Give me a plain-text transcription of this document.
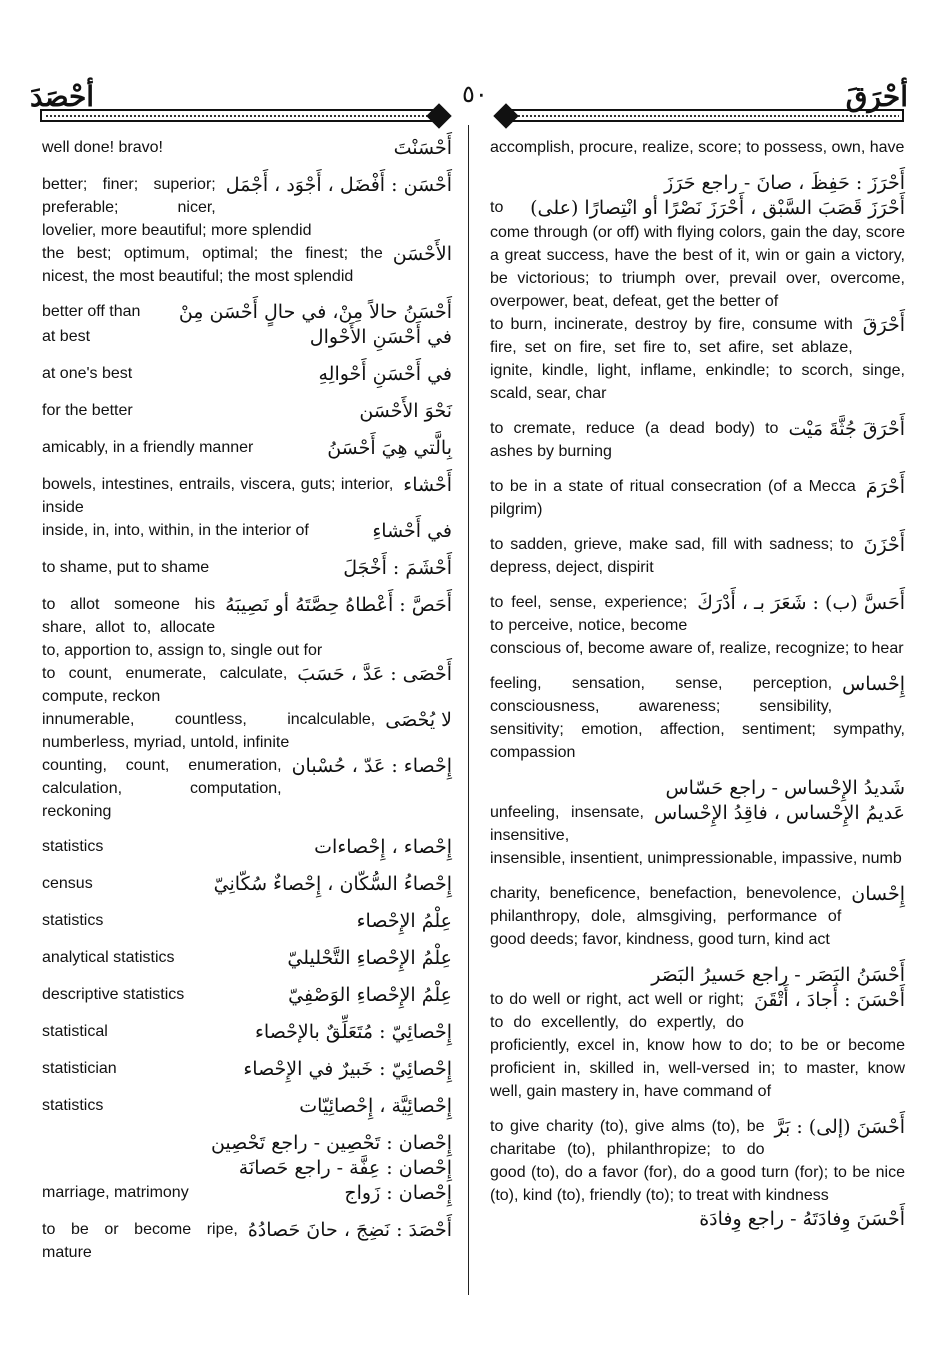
أحْصَدَ	٥٠	أحْرَقَ
أَحْسَنْتَ
well done! bravo!
أَحْسَن : أَفْضَل ، أَجْوَد ، أَجْمَل
better; finer; superior; preferable; nicer, lovelier, more beautiful; more splendid
الأَحْسَن
the best; optimum, optimal; the finest; the nicest, the most beautiful; the most splendid
أَحْسَنُ حالاً مِنْ، في حالٍ أَحْسَن مِنْ
better off than
في أَحْسَنِ الأَحْوال
at best
في أَحْسَنِ أَحْوالِهِ
at one's best
نَحْوَ الأَحْسَن
for the better
بِالَّتي هِيَ أَحْسَنُ
amicably, in a friendly manner
أَحْشاء
bowels, intestines, entrails, viscera, guts; interior, inside
في أَحْشاءِ
inside, in, into, within, in the interior of
أَحْشَمَ : أَخْجَلَ
to shame, put to shame
أَحَصَّ : أَعْطاهُ حِصَّتَهُ أو نَصِيبَهُ
to allot someone his share, allot to, allocate to, apportion to, assign to, single out for
أَحْصَى : عَدَّ ، حَسَبَ
to count, enumerate, calculate, compute, reckon
لا يُحْصَى
innumerable, countless, incalculable, numberless, myriad, untold, infinite
إِحْصاء : عَدّ ، حُسْبان
counting, count, enumeration, calculation, computation, reckoning
إِحْصاء ، إِحْصاءات
statistics
إِحْصاءُ السُّكّان ، إِحْصاءٌ سُكّانِيّ
census
عِلْمُ الإِحْصاء
statistics
عِلْمُ الإِحْصاءِ التَّحْليليّ
analytical statistics
عِلْمُ الإِحْصاءِ الوَصْفِيّ
descriptive statistics
إِحْصائِيّ : مُتَعَلِّقٌ بالإحْصاء
statistical
إِحْصائِيّ : خَبيرٌ في الإِحْصاء
statistician
إِحْصائِيَّة ، إِحْصائِيّات
statistics
إِحْصان : تَحْصِين - راجع تَحْصِين
إِحْصان : عِفَّة - راجع حَصانَة
إِحْصان : زَواج
marriage, matrimony
أَحْصَدَ : نَضِجَ ، حانَ حَصادُهُ
to be or become ripe, mature
accomplish, procure, realize, score; to possess, own, have
أَحْرَزَ : حَفِظَ ، صانَ - راجع حَرَزَ
أَحْرَزَ قَصَبَ السَّبْق ، أَحْرَزَ نَصْرًا أو انْتِصارًا (على)
to come through (or off) with flying colors, gain the day, score a great success, have the best of it, win or gain a victory, be victorious; to triumph over, prevail over, overcome, overpower, beat, defeat, get the better of
أَحْرَقَ
to burn, incinerate, destroy by fire, consume with fire, set on fire, set fire to, set afire, set ablaze, ignite, kindle, light, inflame, enkindle; to scorch, singe, scald, sear, char
أَحْرَقَ جُثَّةَ مَيْت
to cremate, reduce (a dead body) to ashes by burning
أَحْرَمَ
to be in a state of ritual consecration (of a Mecca pilgrim)
أَحْزَنَ
to sadden, grieve, make sad, fill with sadness; to depress, deject, dispirit
أَحَسَّ (ب) : شَعَرَ بـ ، أَدْرَكَ
to feel, sense, experience; to perceive, notice, become conscious of, become aware of, realize, recognize; to hear
إِحْساس
feeling, sensation, sense, perception, consciousness, awareness; sensibility, sensitivity; emotion, affection, sentiment; sympathy, compassion
شَديدُ الإِحْساس - راجع حَسّاس
عَديمُ الإِحْساس ، فاقِدُ الإِحْساس
unfeeling, insensate, insensitive, insensible, insentient, unimpressionable, impassive, numb
إِحْسان
charity, beneficence, benefaction, benevolence, philanthropy, dole, almsgiving, performance of good deeds; favor, kindness, good turn, kind act
أَحْسَنُ البَصَر - راجع حَسيرُ البَصَر
أَحْسَنَ : أَجادَ ، أَتْقَنَ
to do well or right, act well or right; to do excellently, do expertly, do proficiently, excel in, know how to do; to be or become proficient in, skilled in, well-versed in; to master, know well, gain mastery in, have command of
أَحْسَنَ (إلى) : بَرَّ
to give charity (to), give alms (to), be charitabe (to), philanthropize; to do good (to), do a favor (for), do a good turn (for); to be nice (to), kind (to), friendly (to); to treat with kindness
أَحْسَنَ وِفادَتَهُ - راجع وِفادَة
